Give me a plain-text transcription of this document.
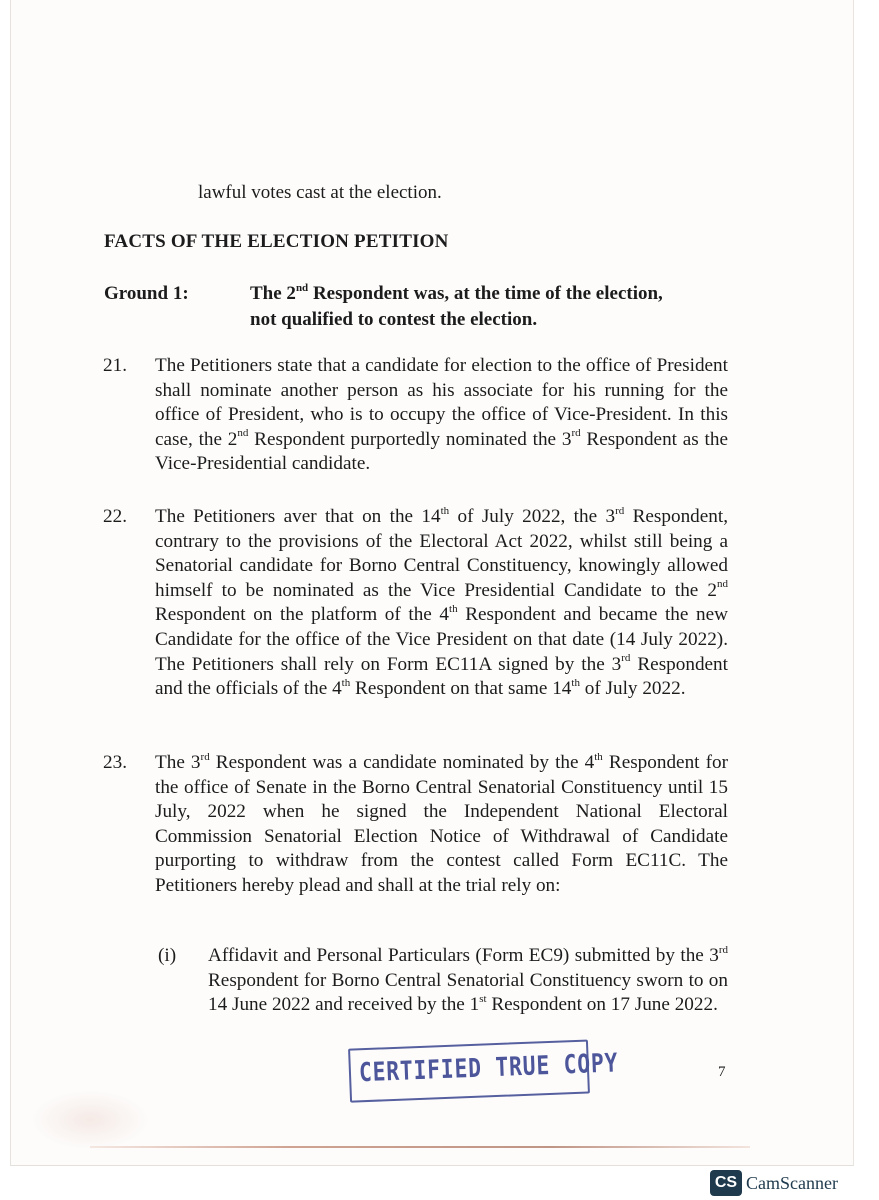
lawful votes cast at the election.
FACTS OF THE ELECTION PETITION
Ground 1:	The 2nd Respondent was, at the time of the election,
not qualified to contest the election.
21. The Petitioners state that a candidate for election to the office of President shall nominate another person as his associate for his running for the office of President, who is to occupy the office of Vice-President. In this case, the 2nd Respondent purportedly nominated the 3rd Respondent as the Vice-Presidential candidate.
22. The Petitioners aver that on the 14th of July 2022, the 3rd Respondent, contrary to the provisions of the Electoral Act 2022, whilst still being a Senatorial candidate for Borno Central Constituency, knowingly allowed himself to be nominated as the Vice Presidential Candidate to the 2nd Respondent on the platform of the 4th Respondent and became the new Candidate for the office of the Vice President on that date (14 July 2022). The Petitioners shall rely on Form EC11A signed by the 3rd Respondent and the officials of the 4th Respondent on that same 14th of July 2022.
23. The 3rd Respondent was a candidate nominated by the 4th Respondent for the office of Senate in the Borno Central Senatorial Constituency until 15 July, 2022 when he signed the Independent National Electoral Commission Senatorial Election Notice of Withdrawal of Candidate purporting to withdraw from the contest called Form EC11C. The Petitioners hereby plead and shall at the trial rely on:
(i) Affidavit and Personal Particulars (Form EC9) submitted by the 3rd Respondent for Borno Central Senatorial Constituency sworn to on 14 June 2022 and received by the 1st Respondent on 17 June 2022.
CERTIFIED TRUE COPY	7
CS CamScanner
